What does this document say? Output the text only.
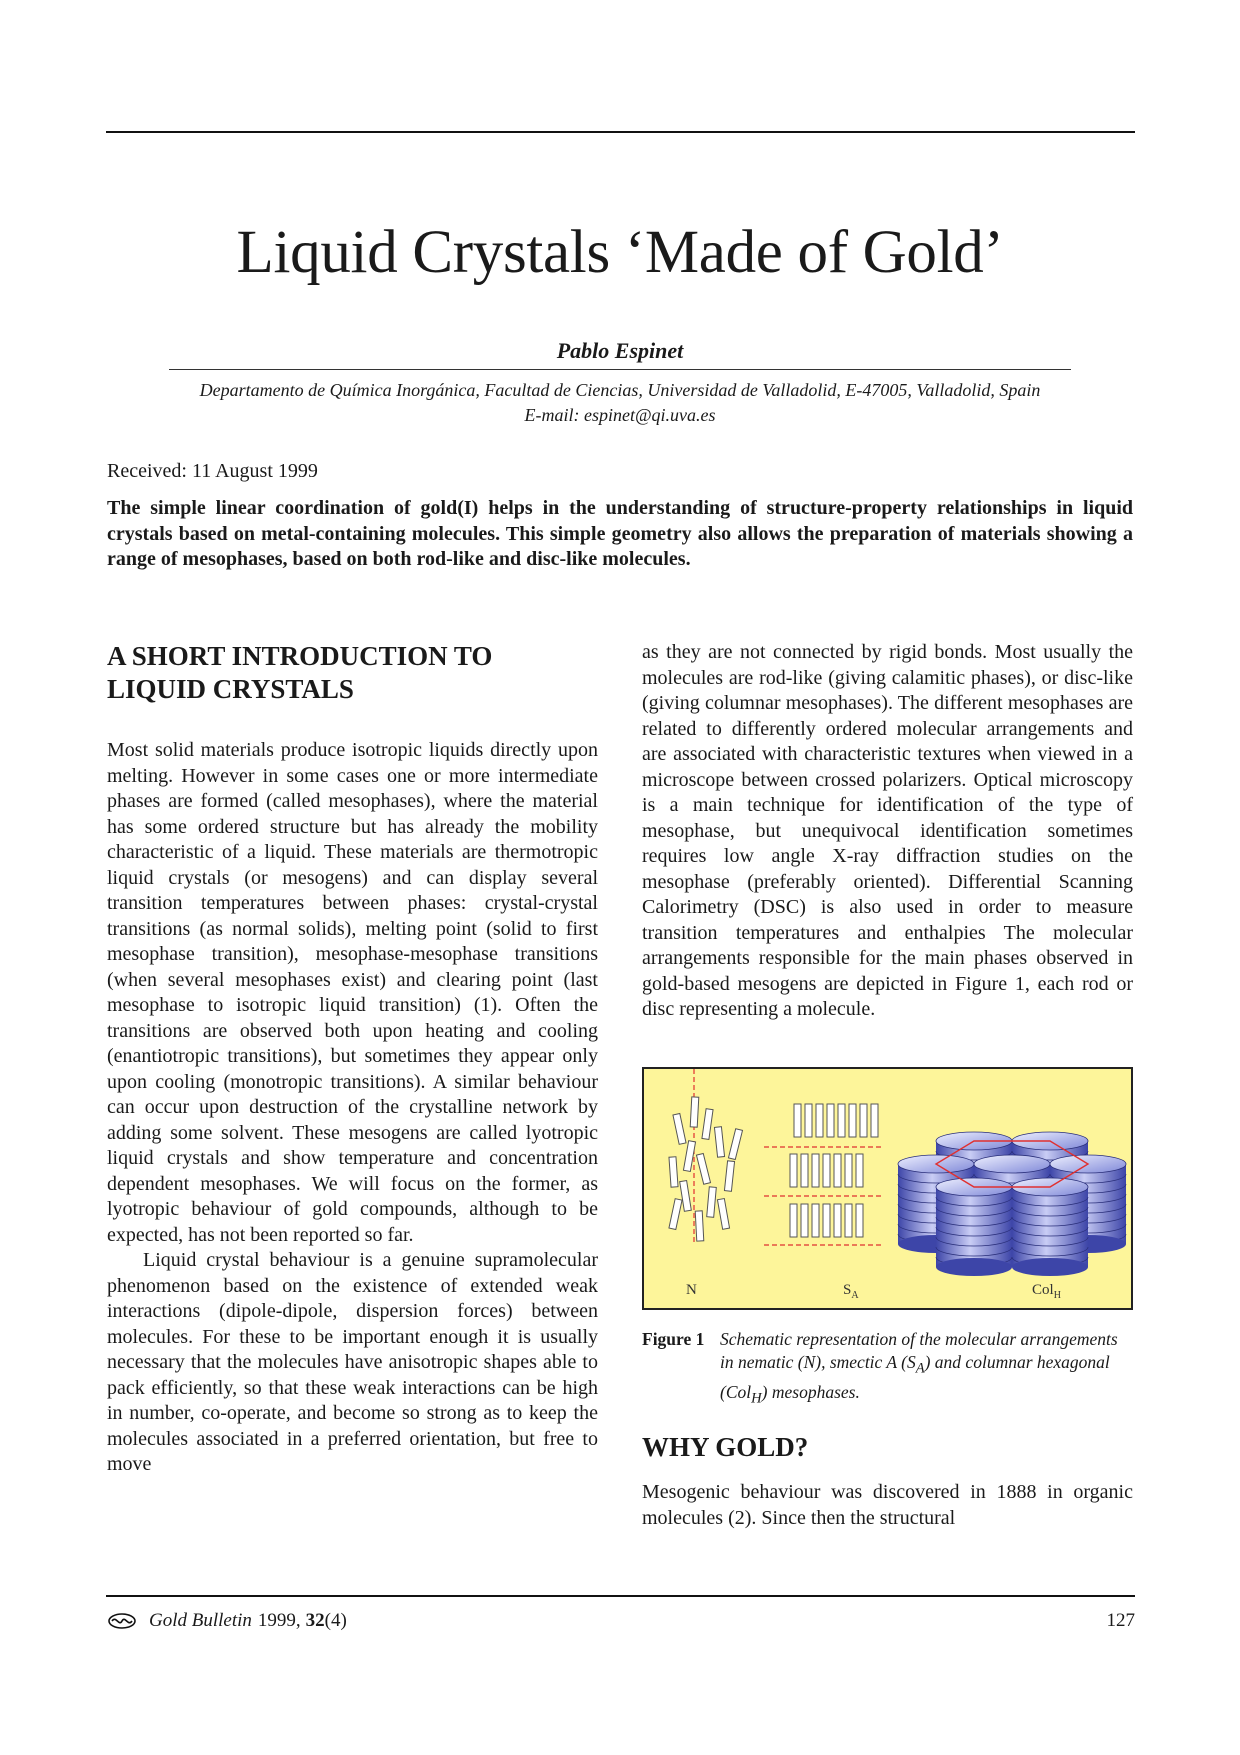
Liquid Crystals ‘Made of Gold’
Pablo Espinet
Departamento de Química Inorgánica, Facultad de Ciencias, Universidad de Valladolid, E-47005, Valladolid, Spain
E-mail: espinet@qi.uva.es
Received: 11 August 1999

The simple linear coordination of gold(I) helps in the understanding of structure-property relationships in liquid crystals based on metal-containing molecules. This simple geometry also allows the preparation of materials showing a range of mesophases, based on both rod-like and disc-like molecules.

A SHORT INTRODUCTION TO
LIQUID CRYSTALS

Most solid materials produce isotropic liquids directly upon melting. However in some cases one or more intermediate phases are formed (called mesophases), where the material has some ordered structure but has already the mobility characteristic of a liquid. These materials are thermotropic liquid crystals (or mesogens) and can display several transition temperatures between phases: crystal-crystal transitions (as normal solids), melting point (solid to first mesophase transition), mesophase-mesophase transitions (when several mesophases exist) and clearing point (last mesophase to isotropic liquid transition) (1). Often the transitions are observed both upon heating and cooling (enantiotropic transitions), but sometimes they appear only upon cooling (monotropic transitions). A similar behaviour can occur upon destruction of the crystalline network by adding some solvent. These mesogens are called lyotropic liquid crystals and show temperature and concentration dependent mesophases. We will focus on the former, as lyotropic behaviour of gold compounds, although to be expected, has not been reported so far.

Liquid crystal behaviour is a genuine supramolecular phenomenon based on the existence of extended weak interactions (dipole-dipole, dispersion forces) between molecules. For these to be important enough it is usually necessary that the molecules have anisotropic shapes able to pack efficiently, so that these weak interactions can be high in number, co-operate, and become so strong as to keep the molecules associated in a preferred orientation, but free to move

as they are not connected by rigid bonds. Most usually the molecules are rod-like (giving calamitic phases), or disc-like (giving columnar mesophases). The different mesophases are related to differently ordered molecular arrangements and are associated with characteristic textures when viewed in a microscope between crossed polarizers. Optical microscopy is a main technique for identification of the type of mesophase, but unequivocal identification sometimes requires low angle X-ray diffraction studies on the mesophase (preferably oriented). Differential Scanning Calorimetry (DSC) is also used in order to measure transition temperatures and enthalpies The molecular arrangements responsible for the main phases observed in gold-based mesogens are depicted in Figure 1, each rod or disc representing a molecule.

N	$S_A$	Col$_H$
Figure 1 Schematic representation of the molecular arrangements in nematic (N), smectic A $(S_A)$ and columnar hexagonal (Col$_H$) mesophases.
WHY GOLD?

Mesogenic behaviour was discovered in 1888 in organic molecules (2). Since then the structural

Gold Bulletin 1999, 32 (4)	127
